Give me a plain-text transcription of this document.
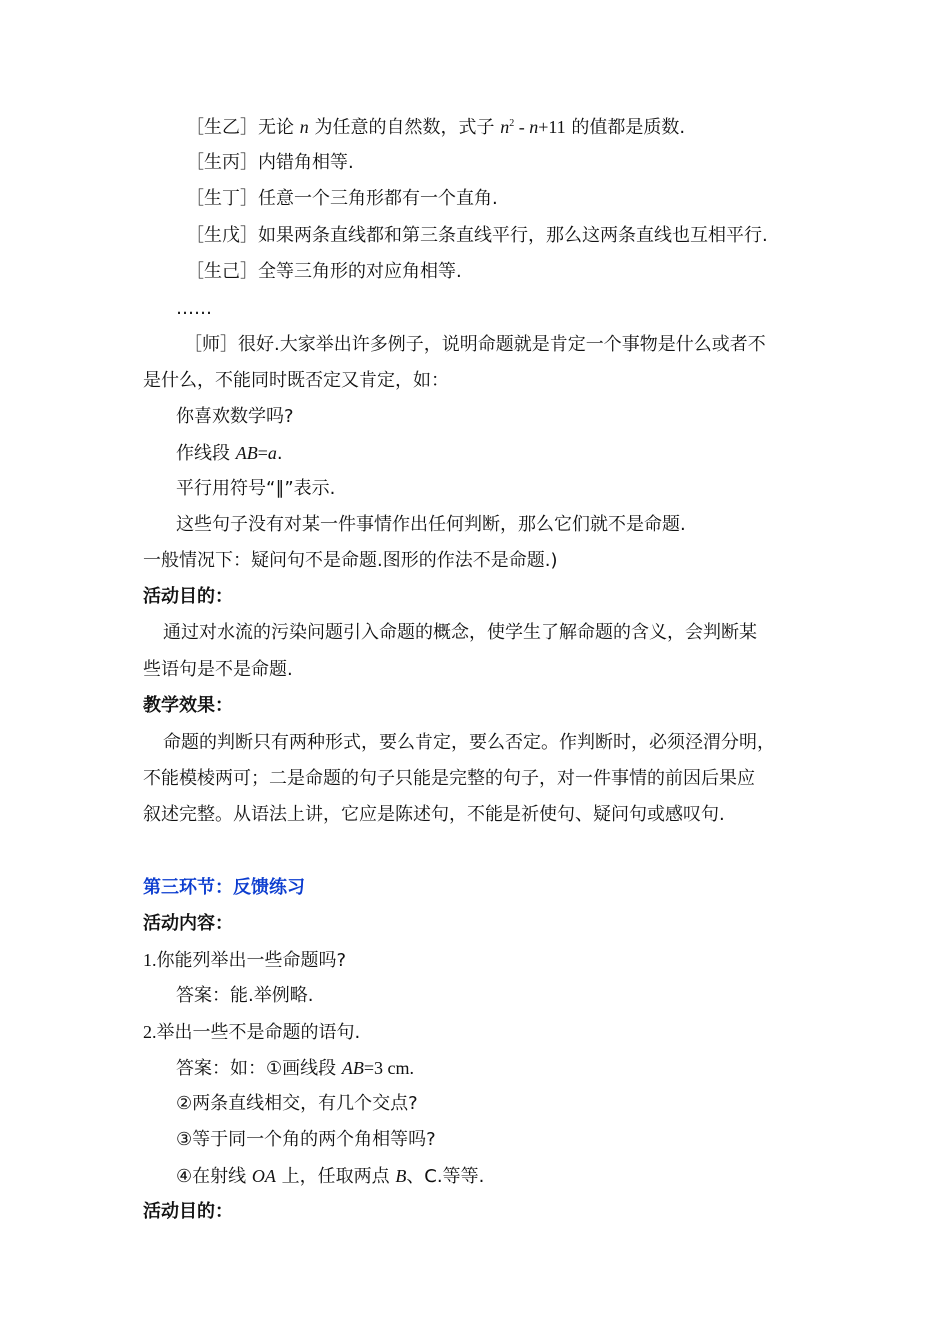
［生乙］无论 n 为任意的自然数，式子 $n^2 - n+11$ 的值都是质数.
［生丙］内错角相等.
［生丁］任意一个三角形都有一个直角.
［生戊］如果两条直线都和第三条直线平行，那么这两条直线也互相平行.
［生己］全等三角形的对应角相等.
……
［师］很好.大家举出许多例子，说明命题就是肯定一个事物是什么或者不
是什么，不能同时既否定又肯定，如：
你喜欢数学吗?
作线段 AB=a.
平行用符号“∥”表示.
这些句子没有对某一件事情作出任何判断，那么它们就不是命题.
一般情况下：疑问句不是命题.图形的作法不是命题.)
活动目的：
通过对水流的污染问题引入命题的概念，使学生了解命题的含义，会判断某
些语句是不是命题.
教学效果：
命题的判断只有两种形式，要么肯定，要么否定。作判断时，必须泾渭分明，
不能模棱两可；二是命题的句子只能是完整的句子，对一件事情的前因后果应
叙述完整。从语法上讲，它应是陈述句，不能是祈使句、疑问句或感叹句.
第三环节：反馈练习
活动内容：
1.你能列举出一些命题吗?
答案：能.举例略.
2.举出一些不是命题的语句.
答案：如：①画线段 AB=3 cm.
②两条直线相交，有几个交点?
③等于同一个角的两个角相等吗?
④在射线 OA 上，任取两点 B、C.等等.
活动目的：
